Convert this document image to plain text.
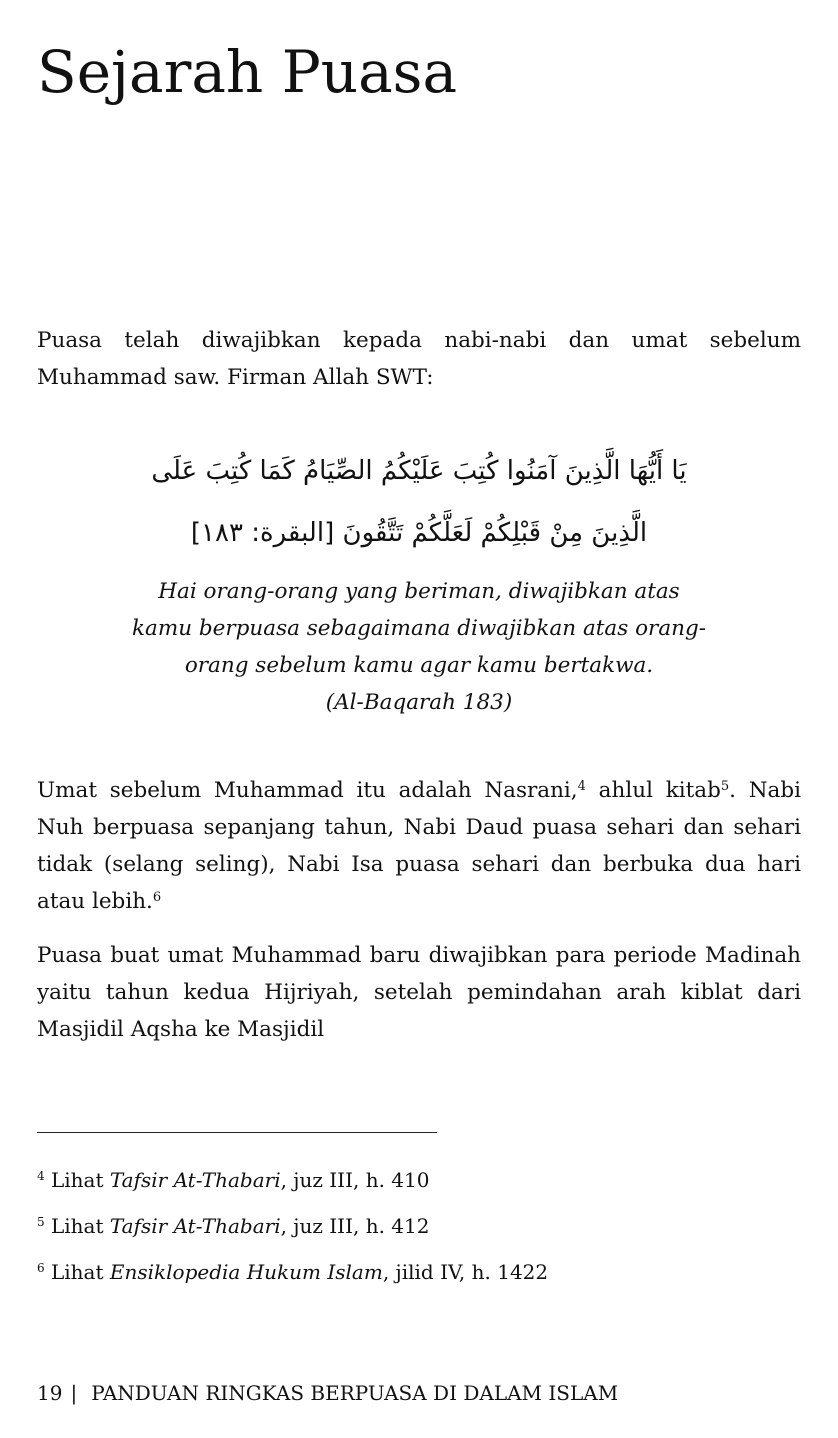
Sejarah Puasa

Puasa telah diwajibkan kepada nabi-nabi dan umat sebelum Muhammad saw. Firman Allah SWT:

يَا أَيُّهَا الَّذِينَ آمَنُوا كُتِبَ عَلَيْكُمُ الصِّيَامُ كَمَا كُتِبَ عَلَى
الَّذِينَ مِنْ قَبْلِكُمْ لَعَلَّكُمْ تَتَّقُونَ [البقرة: ١٨٣]
Hai orang-orang yang beriman, diwajibkan atas
kamu berpuasa sebagaimana diwajibkan atas orang-
orang sebelum kamu agar kamu bertakwa.
(Al-Baqarah 183)

Umat sebelum Muhammad itu adalah Nasrani,$^4$ ahlul kitab$^5$. Nabi Nuh berpuasa sepanjang tahun, Nabi Daud puasa sehari dan sehari tidak (selang seling), Nabi Isa puasa sehari dan berbuka dua hari atau lebih.$^6$

Puasa buat umat Muhammad baru diwajibkan para periode Madinah yaitu tahun kedua Hijriyah, setelah pemindahan arah kiblat dari Masjidil Aqsha ke Masjidil

$^4$ Lihat Tafsir At-Thabari, juz III, h. 410
$^5$ Lihat Tafsir At-Thabari, juz III, h. 412
$^6$ Lihat Ensiklopedia Hukum Islam, jilid IV, h. 1422
19 | PANDUAN RINGKAS BERPUASA DI DALAM ISLAM
